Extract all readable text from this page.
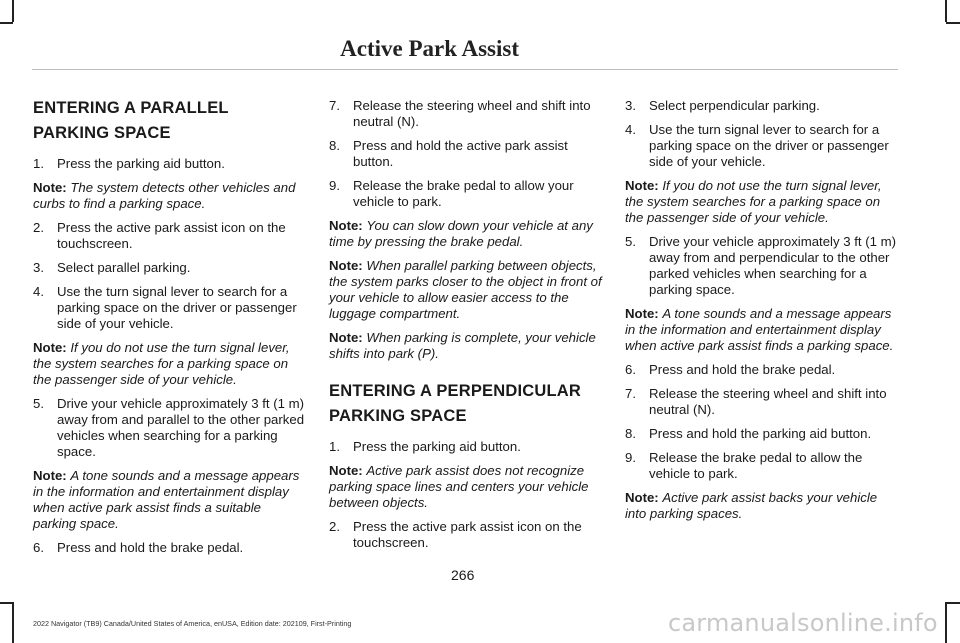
Active Park Assist
ENTERING A PARALLEL PARKING SPACE
1. Press the parking aid button.
Note: The system detects other vehicles and curbs to find a parking space.
2. Press the active park assist icon on the touchscreen.
3. Select parallel parking.
4. Use the turn signal lever to search for a parking space on the driver or passenger side of your vehicle.
Note: If you do not use the turn signal lever, the system searches for a parking space on the passenger side of your vehicle.
5. Drive your vehicle approximately 3 ft (1 m) away from and parallel to the other parked vehicles when searching for a parking space.
Note: A tone sounds and a message appears in the information and entertainment display when active park assist finds a suitable parking space.
6. Press and hold the brake pedal.
7. Release the steering wheel and shift into neutral (N).
8. Press and hold the active park assist button.
9. Release the brake pedal to allow your vehicle to park.
Note: You can slow down your vehicle at any time by pressing the brake pedal.
Note: When parallel parking between objects, the system parks closer to the object in front of your vehicle to allow easier access to the luggage compartment.
Note: When parking is complete, your vehicle shifts into park (P).
ENTERING A PERPENDICULAR PARKING SPACE
1. Press the parking aid button.
Note: Active park assist does not recognize parking space lines and centers your vehicle between objects.
2. Press the active park assist icon on the touchscreen.
3. Select perpendicular parking.
4. Use the turn signal lever to search for a parking space on the driver or passenger side of your vehicle.
Note: If you do not use the turn signal lever, the system searches for a parking space on the passenger side of your vehicle.
5. Drive your vehicle approximately 3 ft (1 m) away from and perpendicular to the other parked vehicles when searching for a parking space.
Note: A tone sounds and a message appears in the information and entertainment display when active park assist finds a parking space.
6. Press and hold the brake pedal.
7. Release the steering wheel and shift into neutral (N).
8. Press and hold the parking aid button.
9. Release the brake pedal to allow the vehicle to park.
Note: Active park assist backs your vehicle into parking spaces.
266
2022 Navigator (TB9) Canada/United States of America, enUSA, Edition date: 202109, First-Printing	carmanualsonline.info
